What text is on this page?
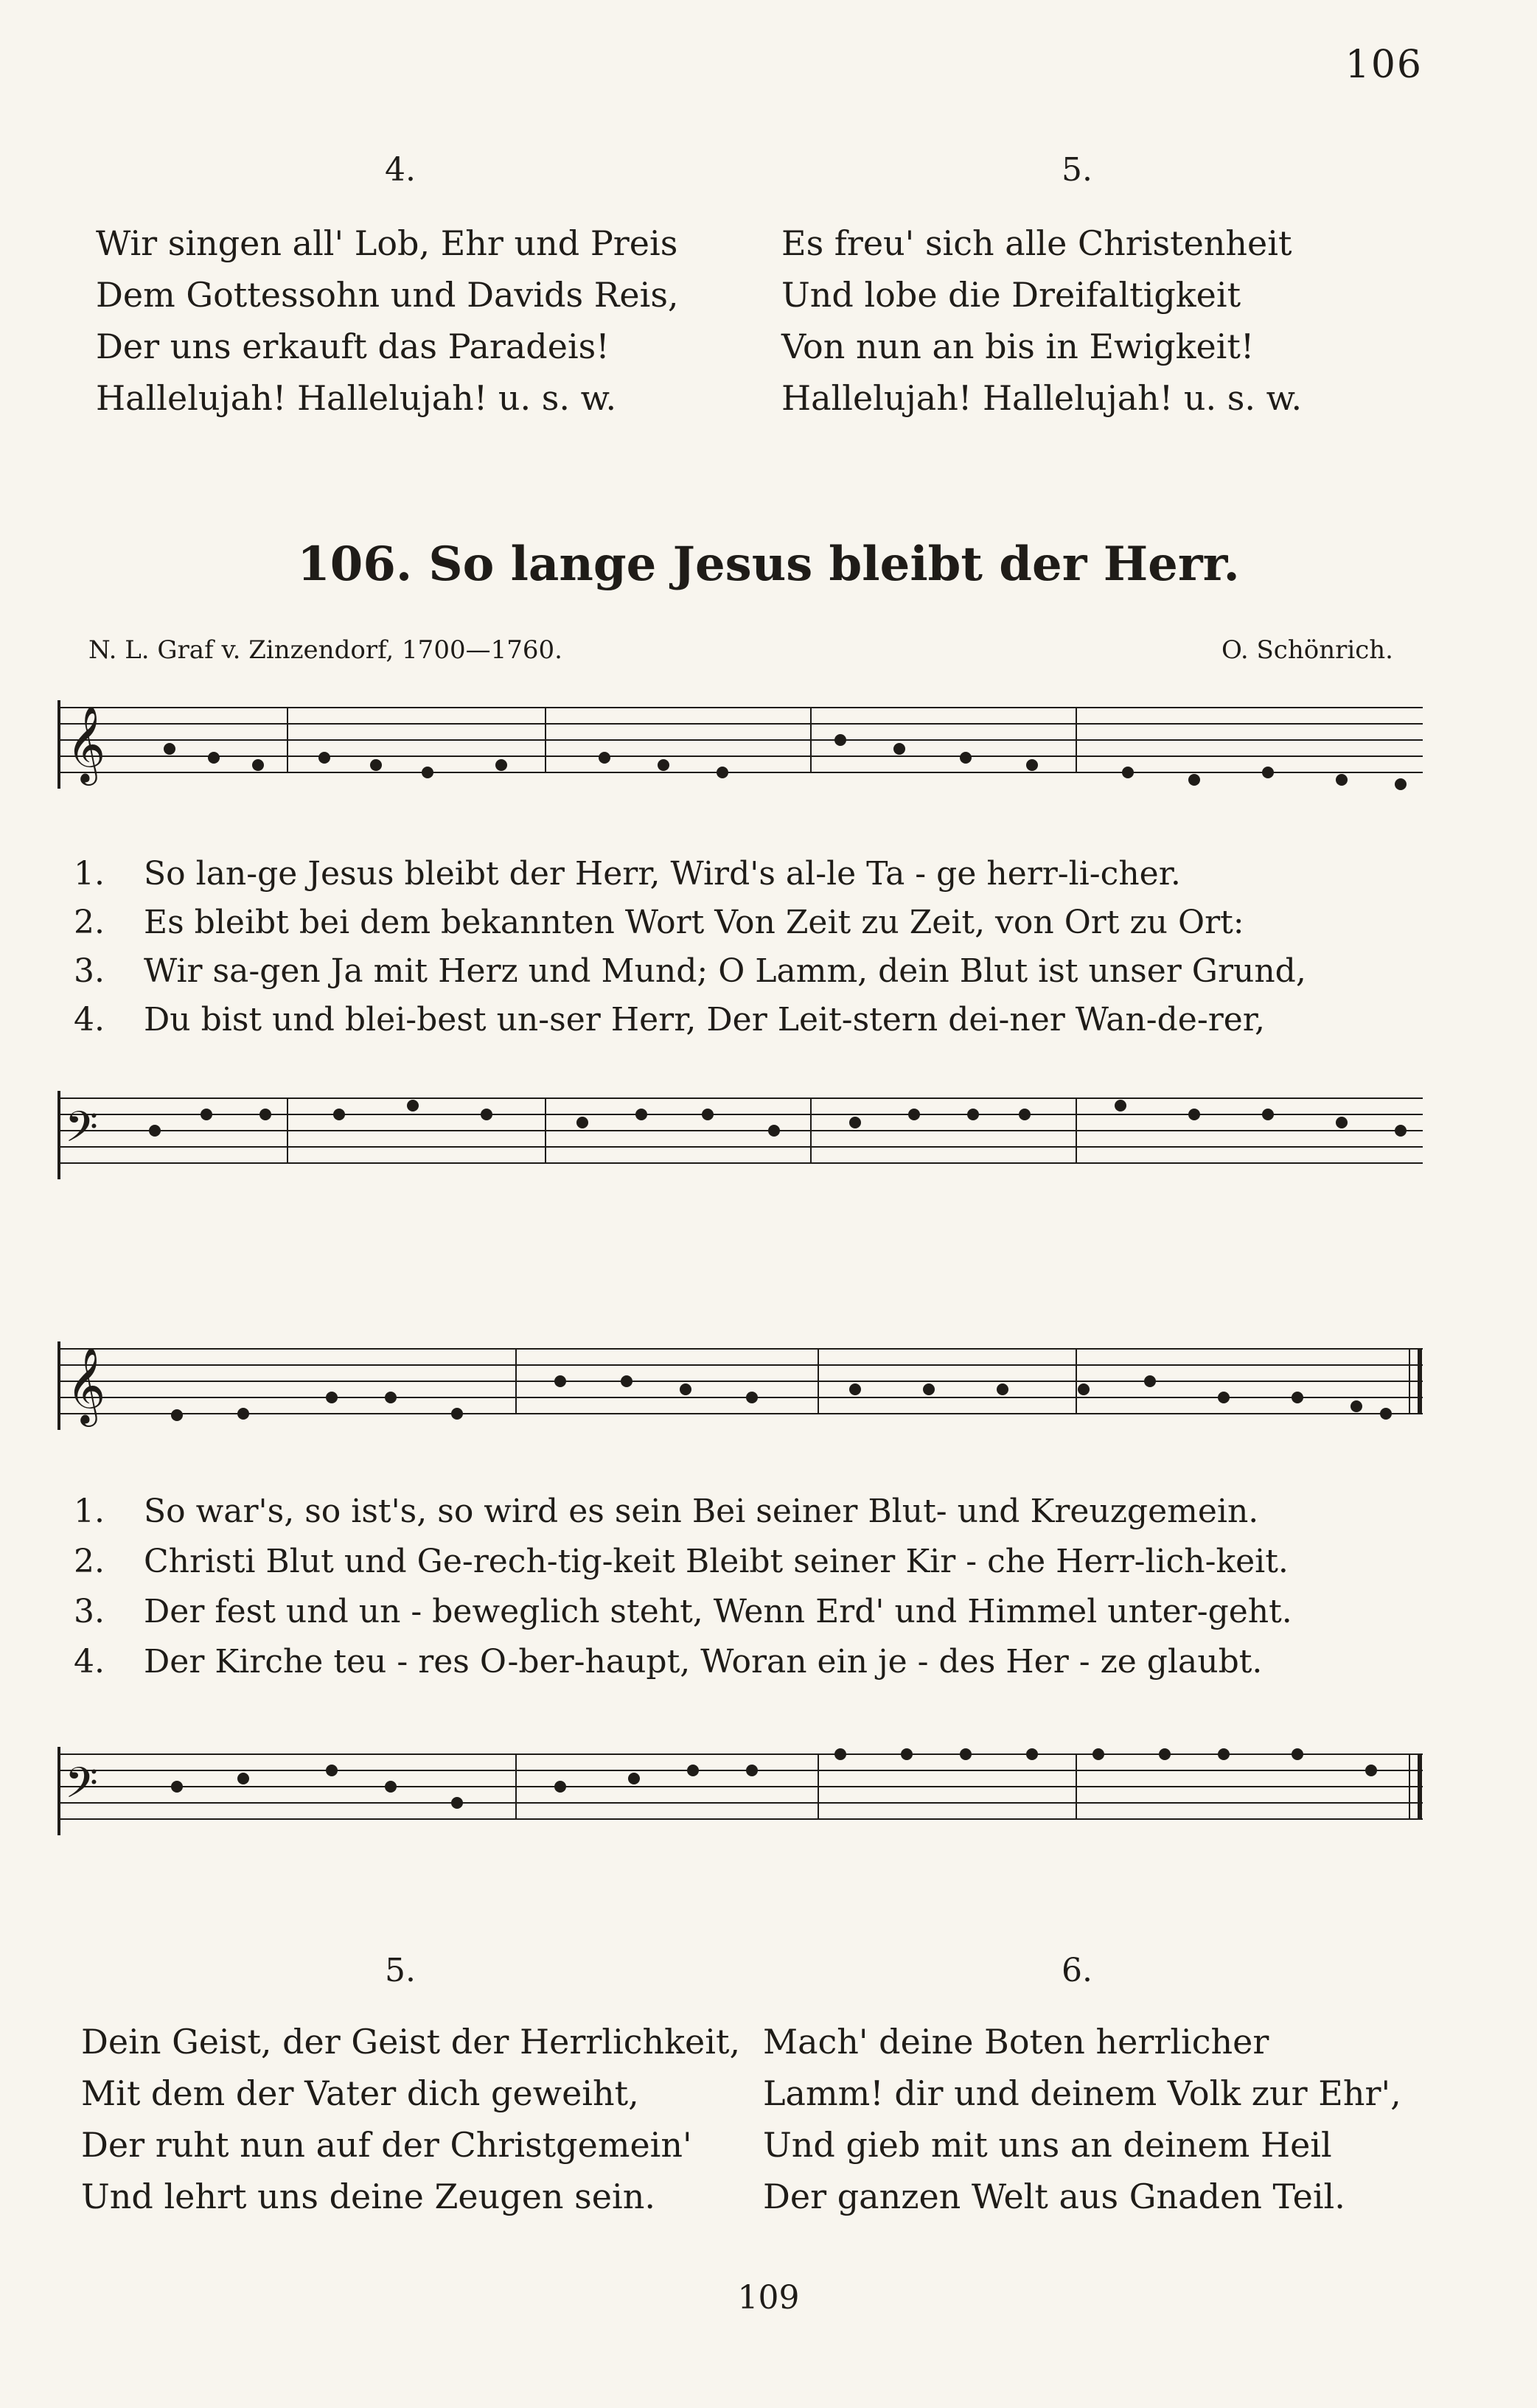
106
4.	5.
Wir singen all' Lob, Ehr und Preis
Dem Gottessohn und Davids Reis,
Der uns erkauft das Paradeis!
Hallelujah! Hallelujah! u. s. w.
Es freu' sich alle Christenheit
Und lobe die Dreifaltigkeit
Von nun an bis in Ewigkeit!
Hallelujah! Hallelujah! u. s. w.
106. So lange Jesus bleibt der Herr.
N. L. Graf v. Zinzendorf, 1700—1760.	O. Schönrich.
𝄞
1. So lan-ge Jesus bleibt der Herr, Wird's al-le Ta - ge herr-li-cher.
2. Es bleibt bei dem bekannten Wort Von Zeit zu Zeit, von Ort zu Ort:
3. Wir sa-gen Ja mit Herz und Mund; O Lamm, dein Blut ist unser Grund,
4. Du bist und blei-best un-ser Herr, Der Leit-stern dei-ner Wan-de-rer,
𝄢
𝄞
1. So war's, so ist's, so wird es sein Bei seiner Blut- und Kreuzgemein.
2. Christi Blut und Ge-rech-tig-keit Bleibt seiner Kir - che Herr-lich-keit.
3. Der fest und un - beweglich steht, Wenn Erd' und Himmel unter-geht.
4. Der Kirche teu - res O-ber-haupt, Woran ein je - des Her - ze glaubt.
𝄢
5.	6.
Dein Geist, der Geist der Herrlichkeit,
Mit dem der Vater dich geweiht,
Der ruht nun auf der Christgemein'
Und lehrt uns deine Zeugen sein.
Mach' deine Boten herrlicher
Lamm! dir und deinem Volk zur Ehr',
Und gieb mit uns an deinem Heil
Der ganzen Welt aus Gnaden Teil.
109
